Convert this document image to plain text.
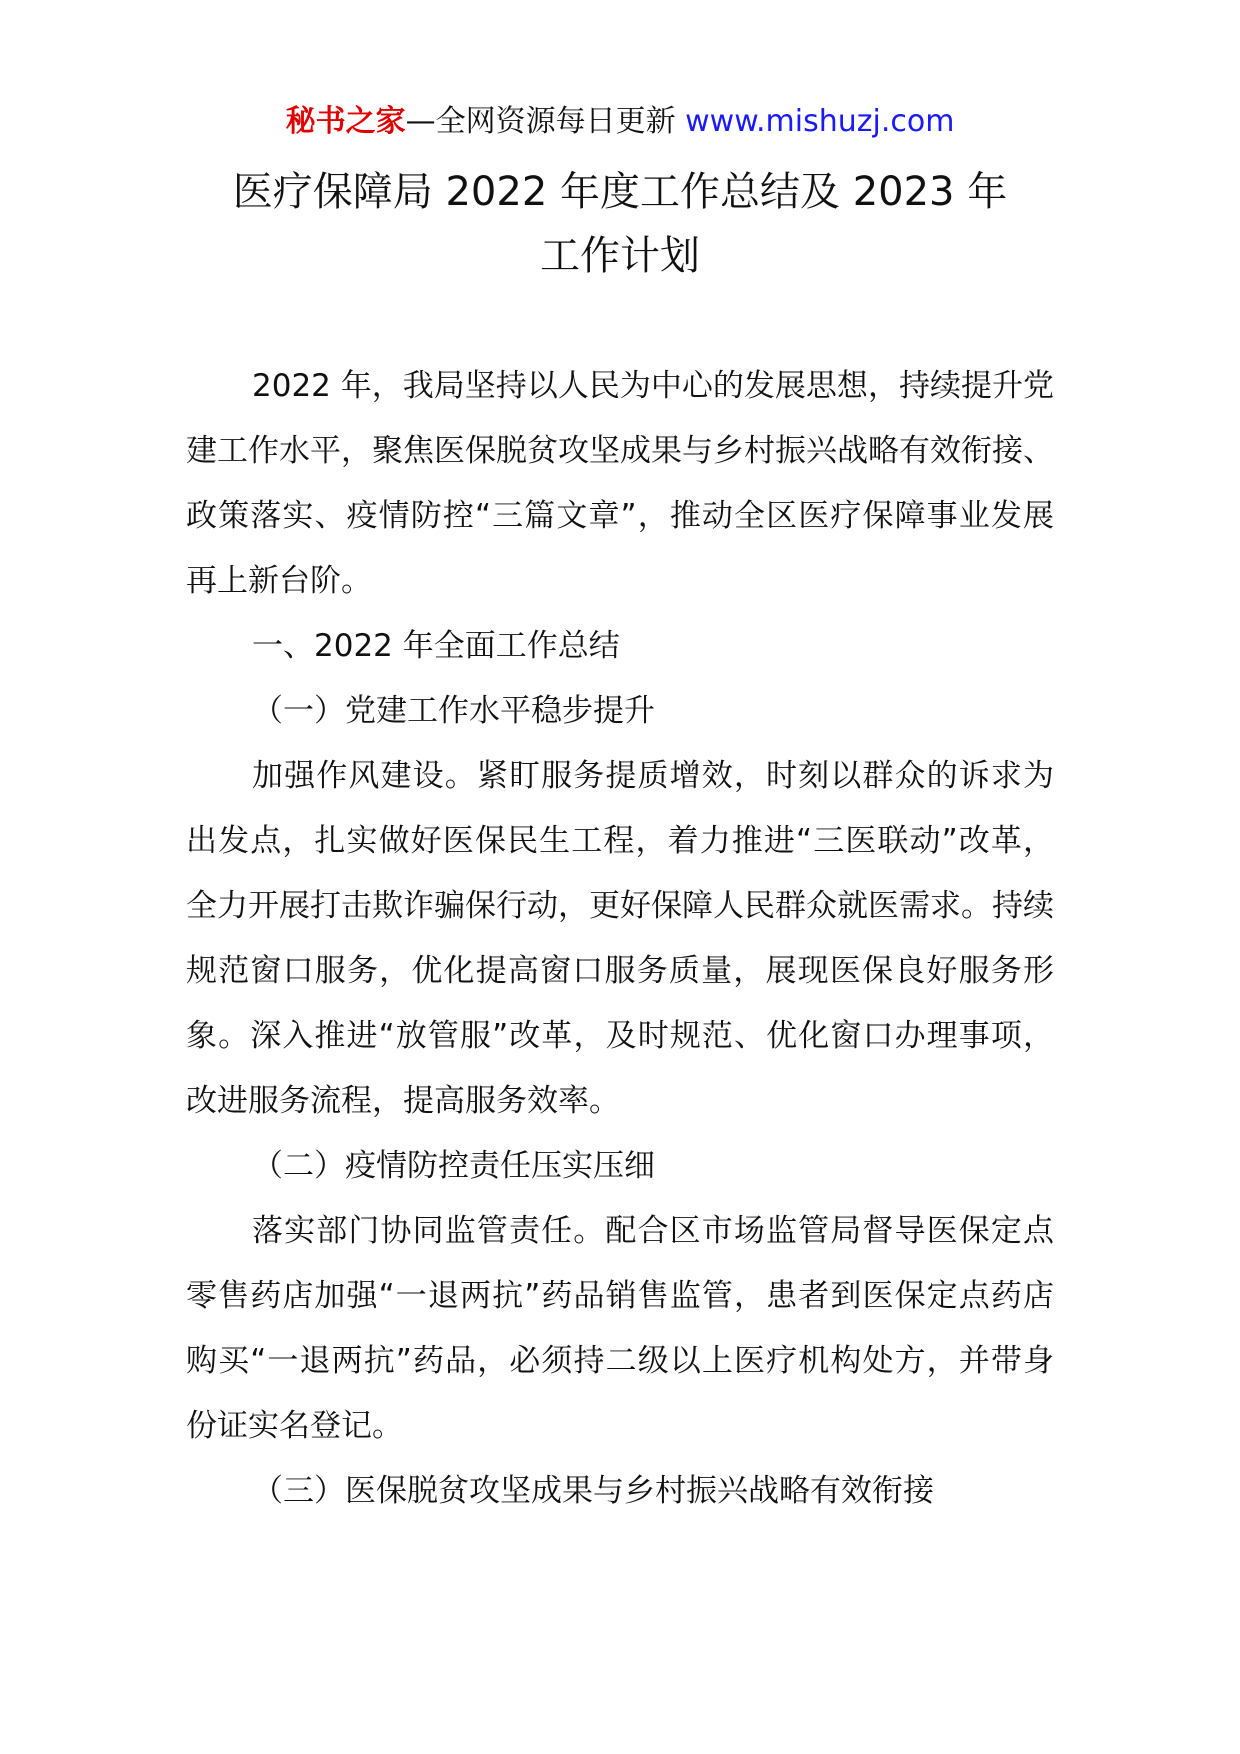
秘书之家—全网资源每日更新 www.mishuzj.com
医疗保障局 2022 年度工作总结及 2023 年
工作计划

2022 年，我局坚持以人民为中心的发展思想，持续提升党建工作水平，聚焦医保脱贫攻坚成果与乡村振兴战略有效衔接、政策落实、疫情防控“三篇文章”，推动全区医疗保障事业发展再上新台阶。

一、2022 年全面工作总结

（一）党建工作水平稳步提升

加强作风建设。紧盯服务提质增效，时刻以群众的诉求为出发点，扎实做好医保民生工程，着力推进“三医联动”改革，全力开展打击欺诈骗保行动，更好保障人民群众就医需求。持续规范窗口服务，优化提高窗口服务质量，展现医保良好服务形象。深入推进“放管服”改革，及时规范、优化窗口办理事项，改进服务流程，提高服务效率。

（二）疫情防控责任压实压细

落实部门协同监管责任。配合区市场监管局督导医保定点零售药店加强“一退两抗”药品销售监管，患者到医保定点药店购买“一退两抗”药品，必须持二级以上医疗机构处方，并带身份证实名登记。

（三）医保脱贫攻坚成果与乡村振兴战略有效衔接
